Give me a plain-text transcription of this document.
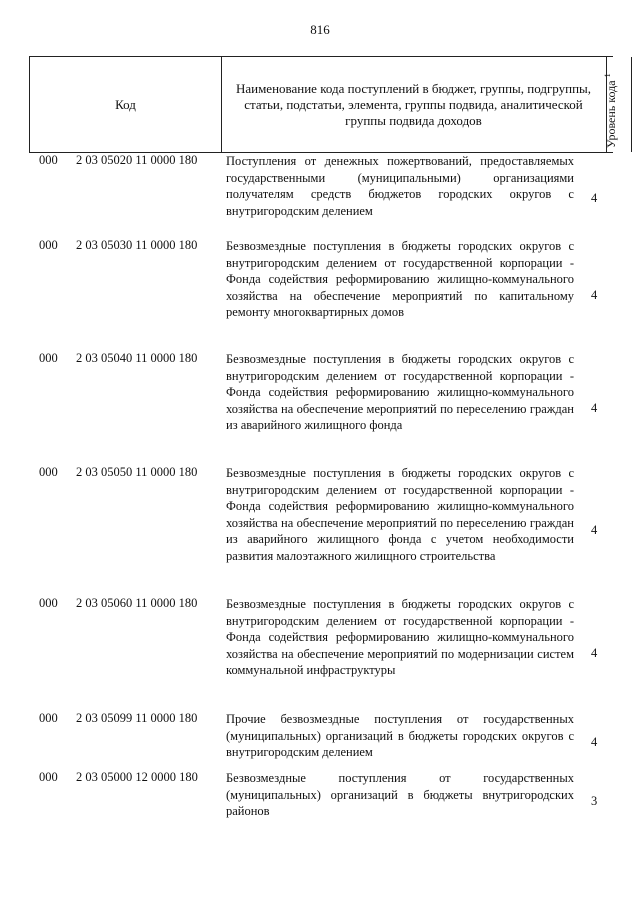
816
Код
Наименование кода поступлений в бюджет, группы, подгруппы, статьи, подстатьи, элемента, группы подвида, аналитической группы подвида доходов	Уровень кода $^1$
000 2 03 05020 11 0000 180 Поступления от денежных пожертвований, предоставляемых государственными (муниципальными) организациями получателям средств бюджетов городских округов с внутригородским делением
4
000 2 03 05030 11 0000 180 Безвозмездные поступления в бюджеты городских округов с внутригородским делением от государственной корпорации - Фонда содействия реформированию жилищно-коммунального хозяйства на обеспечение мероприятий по капитальному ремонту многоквартирных домов
4
000 2 03 05040 11 0000 180 Безвозмездные поступления в бюджеты городских округов с внутригородским делением от государственной корпорации - Фонда содействия реформированию жилищно-коммунального хозяйства на обеспечение мероприятий по переселению граждан из аварийного жилищного фонда
4
000 2 03 05050 11 0000 180 Безвозмездные поступления в бюджеты городских округов с внутригородским делением от государственной корпорации - Фонда содействия реформированию жилищно-коммунального хозяйства на обеспечение мероприятий по переселению граждан из аварийного жилищного фонда с учетом необходимости развития малоэтажного жилищного строительства
4
000 2 03 05060 11 0000 180 Безвозмездные поступления в бюджеты городских округов с внутригородским делением от государственной корпорации - Фонда содействия реформированию жилищно-коммунального хозяйства на обеспечение мероприятий по модернизации систем коммунальной инфраструктуры
4
000 2 03 05099 11 0000 180 Прочие безвозмездные поступления от государственных (муниципальных) организаций в бюджеты городских округов с внутригородским делением
4
000 2 03 05000 12 0000 180 Безвозмездные поступления от государственных (муниципальных) организаций в бюджеты внутригородских районов
3
